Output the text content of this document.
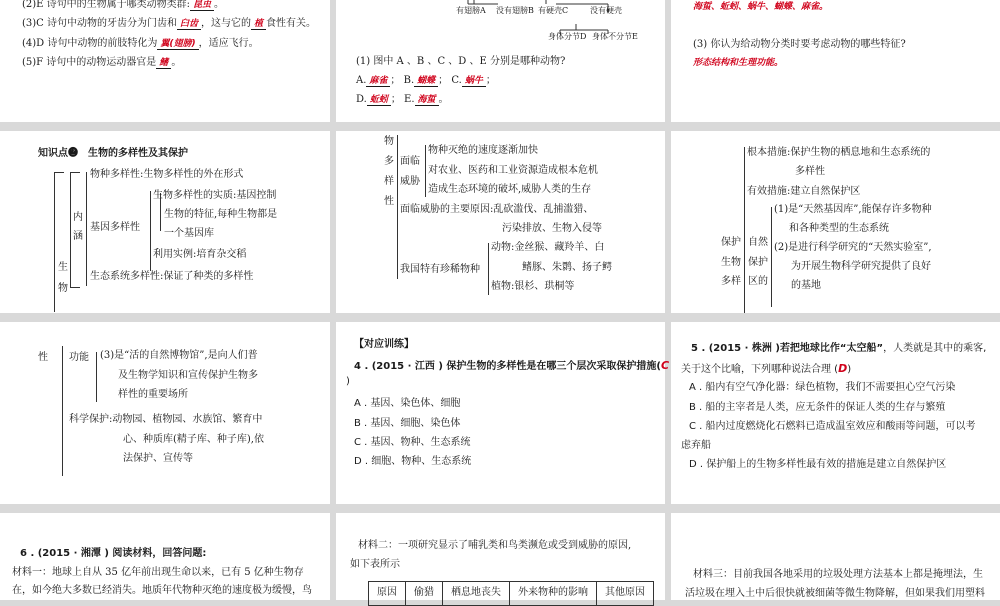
(2)E 诗句中的生物属于哪类动物类群: 昆虫 。
(3)C 诗句中动物的牙齿分为门齿和 臼齿 ，这与它的 植 食性有关。
(4)D 诗句中动物的前肢特化为 翼(翅膀) ，适应飞行。
(5)F 诗句中的动物运动器官是 鳍 。
有翅膀A 没有翅膀B 有硬壳C	没有硬壳
身体分节D 身体不分节E
(1) 图中 A 、B 、C 、D 、E 分别是哪种动物?
A. 麻雀 ； B. 蝴蝶 ； C. 蜗牛 ；
D. 蚯蚓 ； E. 海蜇 。
海蜇、蚯蚓、蜗牛、蝴蝶、麻雀。
(3) 你认为给动物分类时要考虑动物的哪些特征?
形态结构和生理功能。
知识点❷　生物的多样性及其保护
生
物
内
涵
物种多样性:生物多样性的外在形式
基因多样性
生物多样性的实质:基因控制
生物的特征,每种生物都是
一个基因库
利用实例:培育杂交稻
生态系统多样性:保证了种类的多样性
物
多
样
性
面临
威胁
物种灭绝的速度逐渐加快
对农业、医药和工业资源造成根本危机
造成生态环境的破坏,威胁人类的生存
面临威胁的主要原因:乱砍滥伐、乱捕滥猎、
污染排放、生物入侵等
我国特有珍稀物种
动物:金丝猴、藏羚羊、白
鳍豚、朱鹮、扬子鳄
植物:银杉、珙桐等
根本措施:保护生物的栖息地和生态系统的
多样性
有效措施:建立自然保护区
保护
生物
多样
自然
保护
区的
(1)是“天然基因库”,能保存许多物种
和各种类型的生态系统
(2)是进行科学研究的“天然实验室”,
为开展生物科学研究提供了良好
的基地
性 功能 (3)是“活的自然博物馆”,是向人们普
及生物学知识和宣传保护生物多
样性的重要场所
科学保护:动物园、植物园、水族馆、繁育中
心、种质库(精子库、种子库),依
法保护、宣传等
【对应训练】
4 . (2015 · 江西 ) 保护生物的多样性是在哪三个层次采取保护措施(C
)
A . 基因、染色体、细胞
B . 基因、细胞、染色体
C . 基因、物种、生态系统
D . 细胞、物种、生态系统
5 . (2015 · 株洲 )若把地球比作“太空船”，人类就是其中的乘客,
关于这个比喻，下列哪种说法合理 (D)
A . 船内有空气净化器：绿色植物，我们不需要担心空气污染
B . 船的主宰者是人类，应无条件的保证人类的生存与繁殖
C . 船内过度燃烧化石燃料已造成温室效应和酸雨等问题，可以考
虑弃船
D . 保护船上的生物多样性最有效的措施是建立自然保护区
6 . (2015 · 湘潭 ) 阅读材料，回答问题:
材料一：地球上自从 35 亿年前出现生命以来，已有 5 亿种生物存
在，如今绝大多数已经消失。地质年代物种灭绝的速度极为缓慢，鸟
材料二：一项研究显示了哺乳类和鸟类濒危或受到威胁的原因,
如下表所示
原因	偷猎	栖息地丧失	外来物种的影响	其他原因
材料三：目前我国各地采用的垃圾处理方法基本上都是掩埋法，生
活垃圾在埋入土中后很快就被细菌等微生物降解，但如果我们用塑料
